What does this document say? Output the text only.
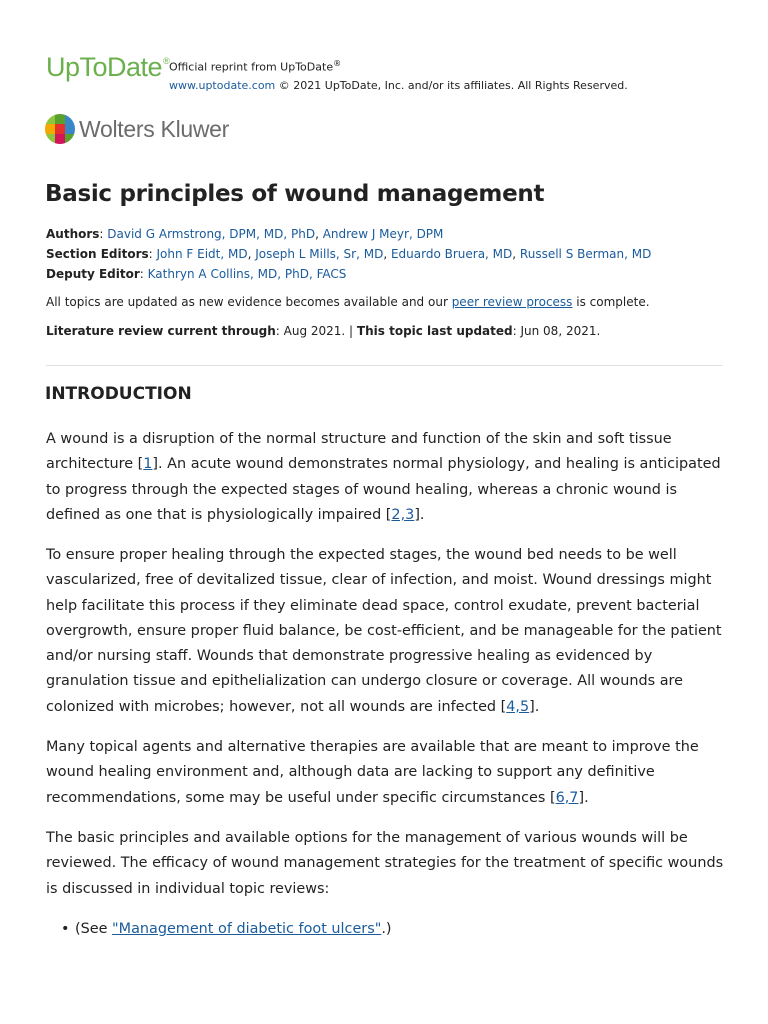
UpToDate® Official reprint from UpToDate®
www.uptodate.com © 2021 UpToDate, Inc. and/or its affiliates. All Rights Reserved.
Wolters Kluwer
Basic principles of wound management
Authors: David G Armstrong, DPM, MD, PhD, Andrew J Meyr, DPM
Section Editors: John F Eidt, MD, Joseph L Mills, Sr, MD, Eduardo Bruera, MD, Russell S Berman, MD
Deputy Editor: Kathryn A Collins, MD, PhD, FACS
All topics are updated as new evidence becomes available and our peer review process is complete.
Literature review current through: Aug 2021. | This topic last updated: Jun 08, 2021.
INTRODUCTION

A wound is a disruption of the normal structure and function of the skin and soft tissue architecture [1]. An acute wound demonstrates normal physiology, and healing is anticipated to progress through the expected stages of wound healing, whereas a chronic wound is defined as one that is physiologically impaired [2,3].

To ensure proper healing through the expected stages, the wound bed needs to be well vascularized, free of devitalized tissue, clear of infection, and moist. Wound dressings might help facilitate this process if they eliminate dead space, control exudate, prevent bacterial overgrowth, ensure proper fluid balance, be cost-efficient, and be manageable for the patient and/or nursing staff. Wounds that demonstrate progressive healing as evidenced by granulation tissue and epithelialization can undergo closure or coverage. All wounds are colonized with microbes; however, not all wounds are infected [4,5].

Many topical agents and alternative therapies are available that are meant to improve the wound healing environment and, although data are lacking to support any definitive recommendations, some may be useful under specific circumstances [6,7].

The basic principles and available options for the management of various wounds will be reviewed. The efficacy of wound management strategies for the treatment of specific wounds is discussed in individual topic reviews:

• (See "Management of diabetic foot ulcers".)
